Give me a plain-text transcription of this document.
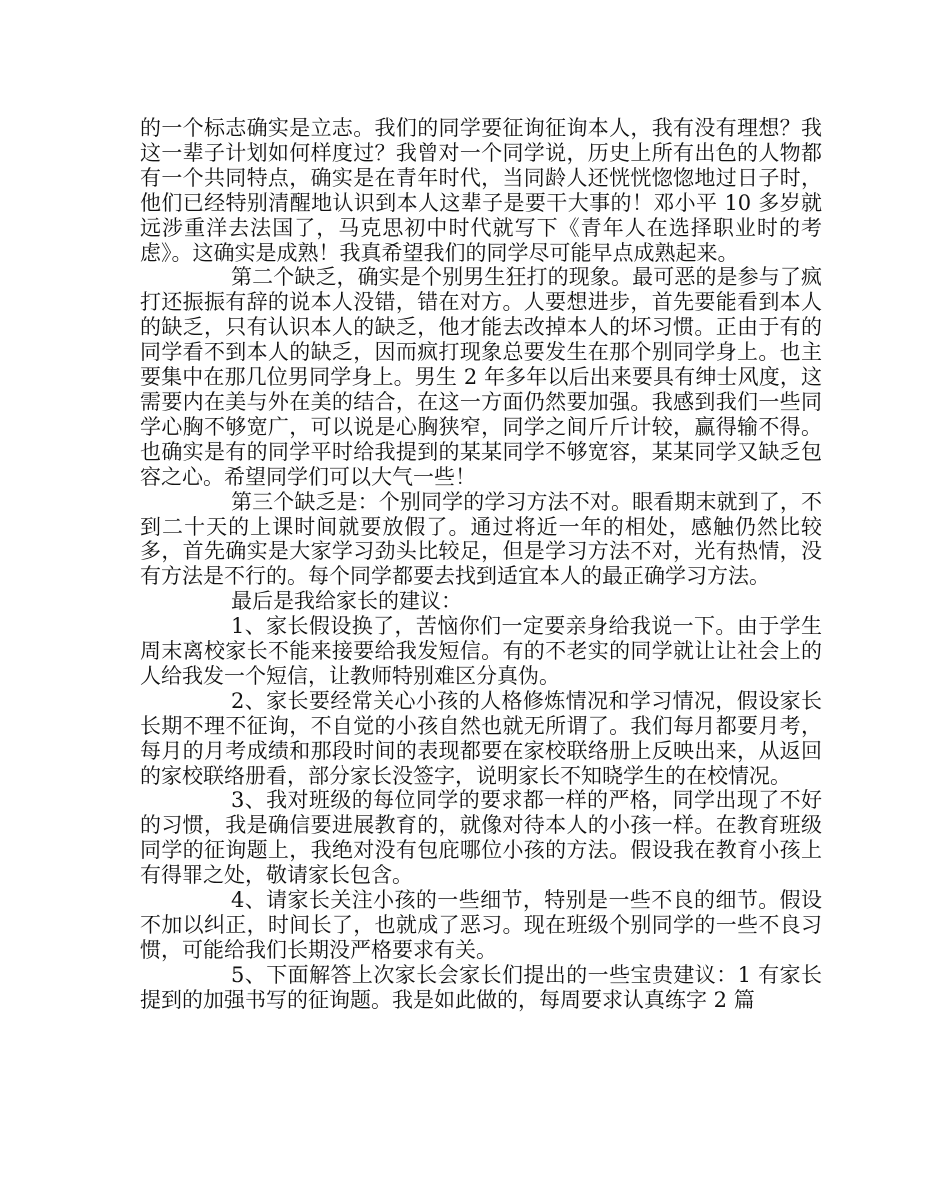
的一个标志确实是立志。我们的同学要征询征询本人，我有没有理想？我这一辈子计划如何样度过？我曾对一个同学说，历史上所有出色的人物都有一个共同特点，确实是在青年时代，当同龄人还恍恍惚惚地过日子时，他们已经特别清醒地认识到本人这辈子是要干大事的！邓小平 10 多岁就远涉重洋去法国了，马克思初中时代就写下《青年人在选择职业时的考虑》。这确实是成熟！我真希望我们的同学尽可能早点成熟起来。

第二个缺乏，确实是个别男生狂打的现象。最可恶的是参与了疯打还振振有辞的说本人没错，错在对方。人要想进步，首先要能看到本人的缺乏，只有认识本人的缺乏，他才能去改掉本人的坏习惯。正由于有的同学看不到本人的缺乏，因而疯打现象总要发生在那个别同学身上。也主要集中在那几位男同学身上。男生 2 年多年以后出来要具有绅士风度，这需要内在美与外在美的结合，在这一方面仍然要加强。我感到我们一些同学心胸不够宽广，可以说是心胸狭窄，同学之间斤斤计较，赢得输不得。也确实是有的同学平时给我提到的某某同学不够宽容，某某同学又缺乏包容之心。希望同学们可以大气一些！

第三个缺乏是：个别同学的学习方法不对。眼看期末就到了，不到二十天的上课时间就要放假了。通过将近一年的相处，感触仍然比较多，首先确实是大家学习劲头比较足，但是学习方法不对，光有热情，没有方法是不行的。每个同学都要去找到适宜本人的最正确学习方法。

最后是我给家长的建议：

1、家长假设换了，苦恼你们一定要亲身给我说一下。由于学生周末离校家长不能来接要给我发短信。有的不老实的同学就让让社会上的人给我发一个短信，让教师特别难区分真伪。

2、家长要经常关心小孩的人格修炼情况和学习情况，假设家长长期不理不征询，不自觉的小孩自然也就无所谓了。我们每月都要月考，每月的月考成绩和那段时间的表现都要在家校联络册上反映出来，从返回的家校联络册看，部分家长没签字，说明家长不知晓学生的在校情况。

3、我对班级的每位同学的要求都一样的严格，同学出现了不好的习惯，我是确信要进展教育的，就像对待本人的小孩一样。在教育班级同学的征询题上，我绝对没有包庇哪位小孩的方法。假设我在教育小孩上有得罪之处，敬请家长包含。

4、请家长关注小孩的一些细节，特别是一些不良的细节。假设不加以纠正，时间长了，也就成了恶习。现在班级个别同学的一些不良习惯，可能给我们长期没严格要求有关。

5、下面解答上次家长会家长们提出的一些宝贵建议：1 有家长提到的加强书写的征询题。我是如此做的，每周要求认真练字 2 篇
